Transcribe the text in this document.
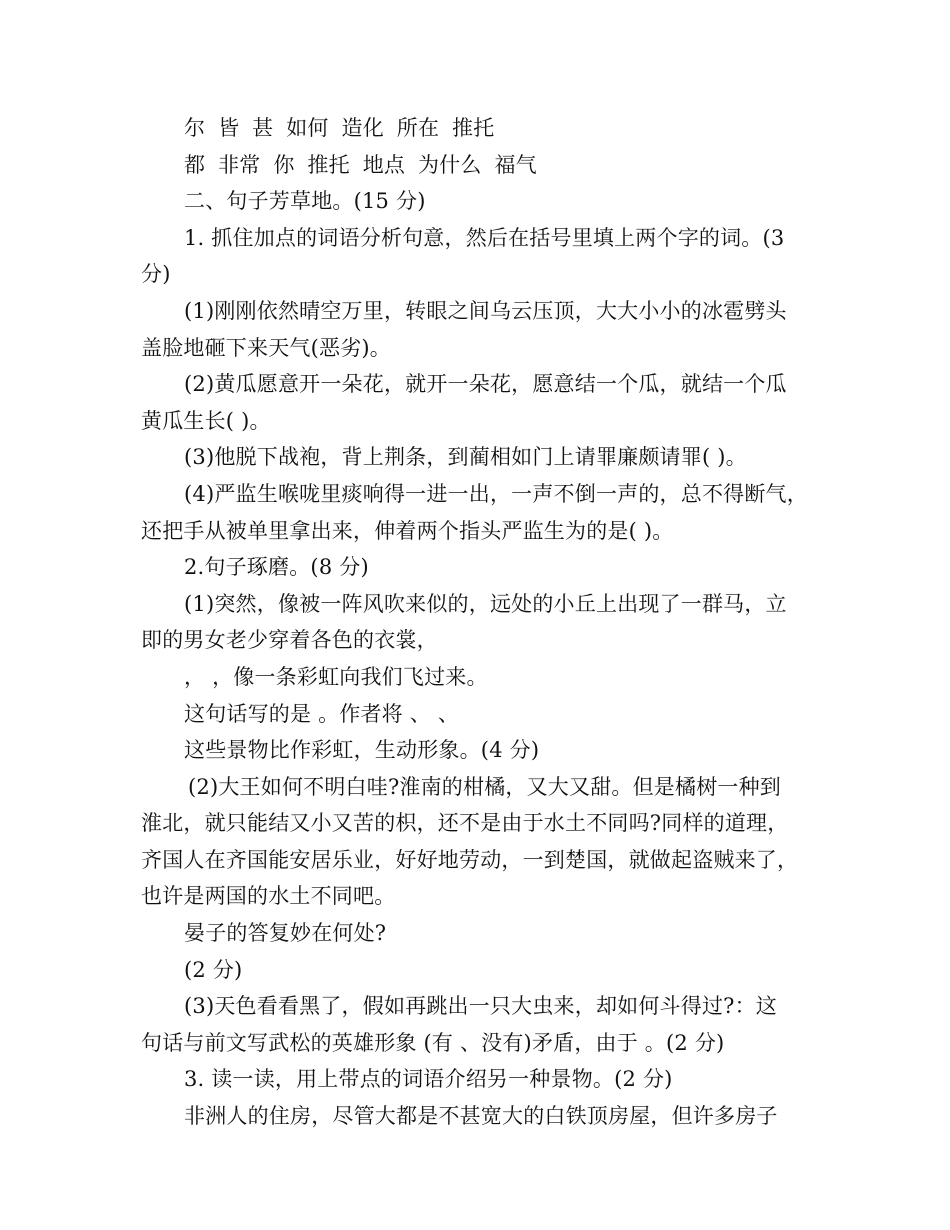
尔 皆 甚 如何 造化 所在 推托
都 非常 你 推托 地点 为什么 福气
二、句子芳草地。(15 分)
1. 抓住加点的词语分析句意，然后在括号里填上两个字的词。(3
分)
(1)刚刚依然晴空万里，转眼之间乌云压顶，大大小小的冰雹劈头
盖脸地砸下来天气(恶劣)。
(2)黄瓜愿意开一朵花，就开一朵花，愿意结一个瓜，就结一个瓜
黄瓜生长( )。
(3)他脱下战袍，背上荆条，到蔺相如门上请罪廉颇请罪( )。
(4)严监生喉咙里痰响得一进一出，一声不倒一声的，总不得断气，
还把手从被单里拿出来，伸着两个指头严监生为的是( )。
2.句子琢磨。(8 分)
(1)突然，像被一阵风吹来似的，远处的小丘上出现了一群马，立
即的男女老少穿着各色的衣裳，
， ，像一条彩虹向我们飞过来。
这句话写的是 。作者将 、 、
这些景物比作彩虹，生动形象。(4 分)
(2)大王如何不明白哇?淮南的柑橘，又大又甜。但是橘树一种到
淮北，就只能结又小又苦的枳，还不是由于水土不同吗?同样的道理，
齐国人在齐国能安居乐业，好好地劳动，一到楚国，就做起盗贼来了，
也许是两国的水土不同吧。
晏子的答复妙在何处?
(2 分)
(3)天色看看黑了，假如再跳出一只大虫来，却如何斗得过?：这
句话与前文写武松的英雄形象 (有 、没有)矛盾，由于 。(2 分)
3. 读一读，用上带点的词语介绍另一种景物。(2 分)
非洲人的住房，尽管大都是不甚宽大的白铁顶房屋，但许多房子
